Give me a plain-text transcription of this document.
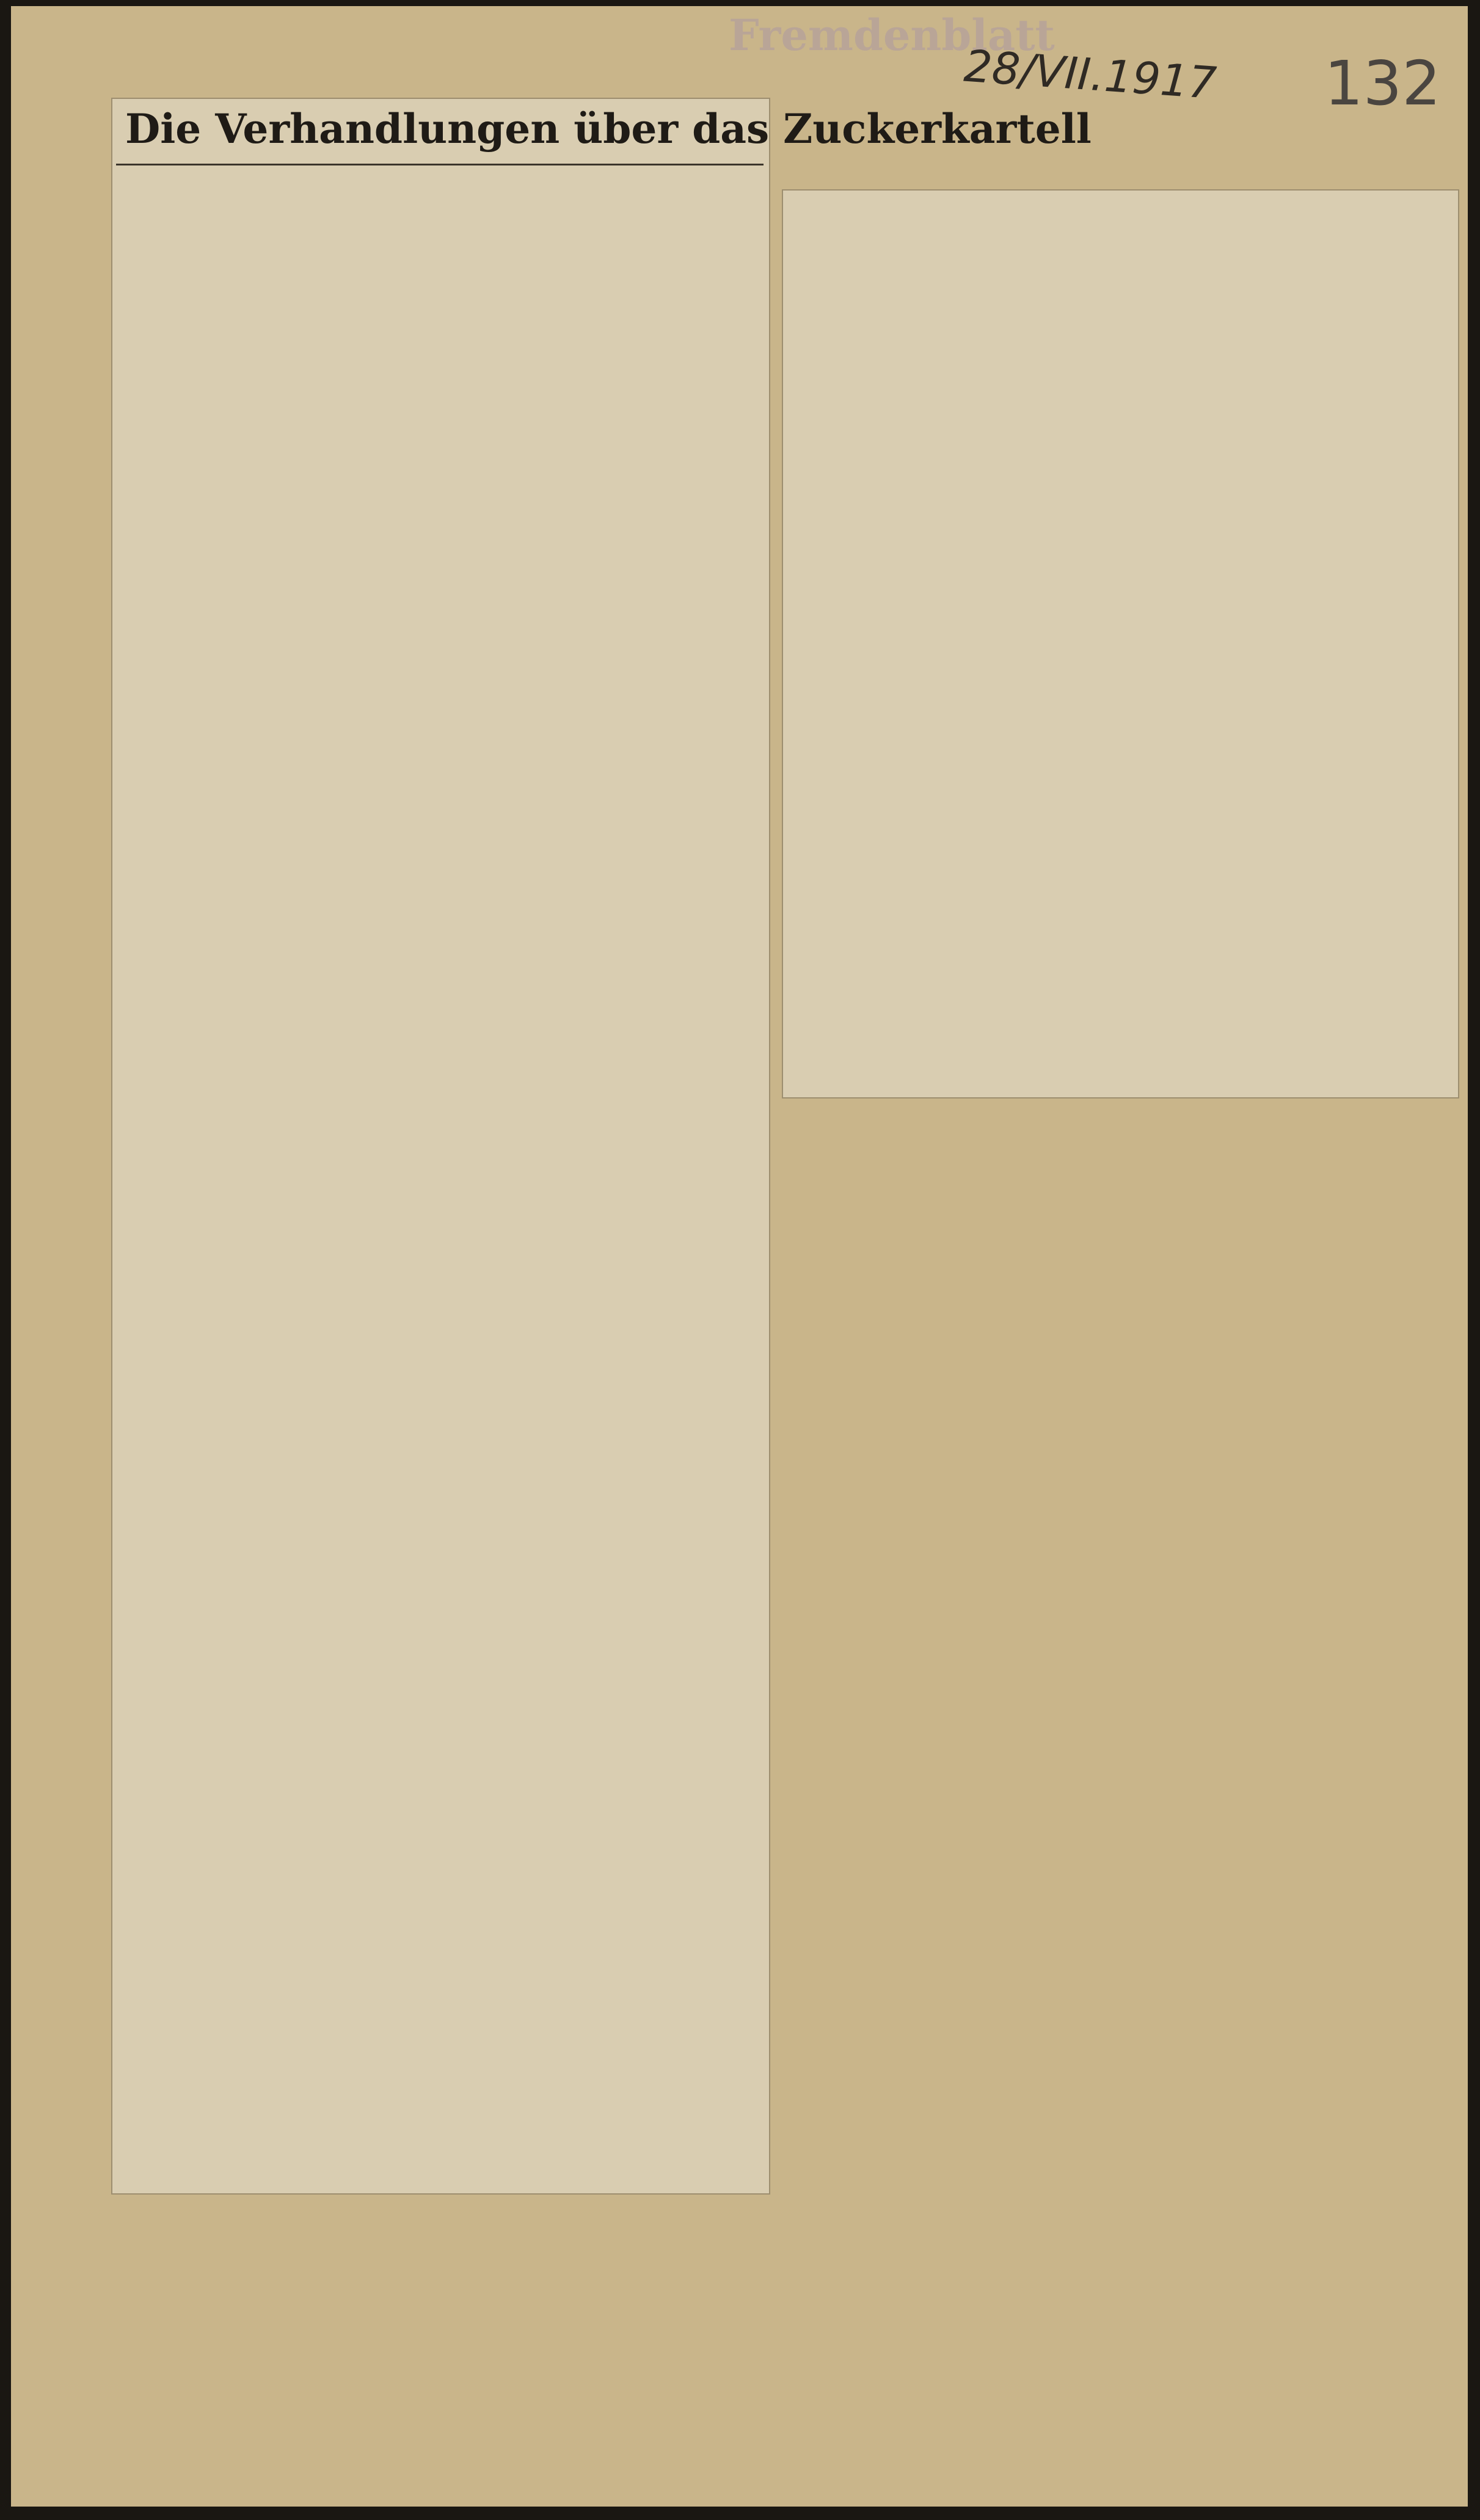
Fremdenblatt
28/VII.1917 132
Die Verhandlungen über das Zuckerkartell
